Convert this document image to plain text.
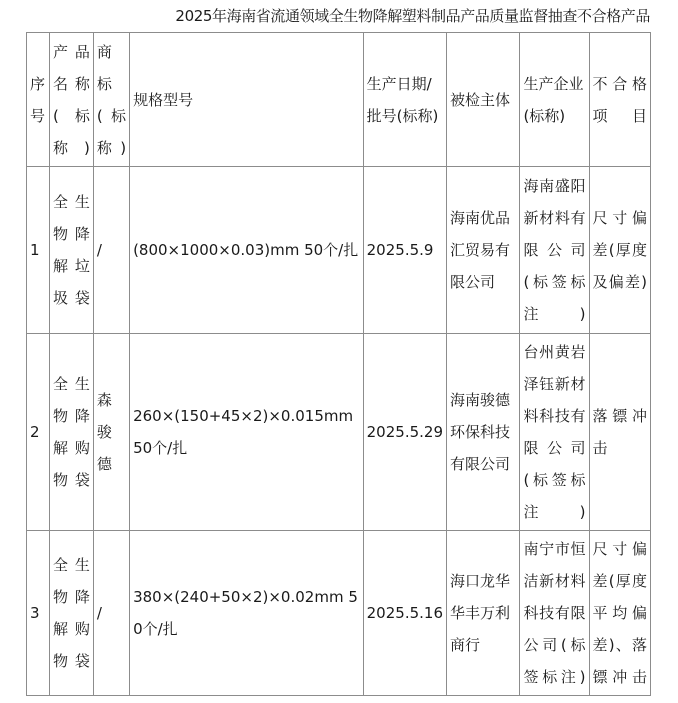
2025年海南省流通领域全生物降解塑料制品产品质量监督抽查不合格产品
序号	产品名称(标称)	商标(标称)	规格型号	生产日期/批号(标称)	被检主体	生产企业(标称)	不合格项目
1	全生物降解垃圾袋	/	(800×1000×0.03)mm 50个/扎	2025.5.9	海南优品汇贸易有限公司	海南盛阳新材料有限公司(标签标注)	尺寸偏差(厚度及偏差)
2	全生物降解购物袋	森骏德	260×(150+45×2)×0.015mm 50个/扎	2025.5.29	海南骏德环保科技有限公司	台州黄岩泽钰新材料科技有限公司(标签标注)	落镖冲击
3	全生物降解购物袋	/	380×(240+50×2)×0.02mm 50个/扎	2025.5.16	海口龙华华丰万利商行	南宁市恒洁新材料科技有限公司(标签标注)	尺寸偏差(厚度平均偏差)、落镖冲击
